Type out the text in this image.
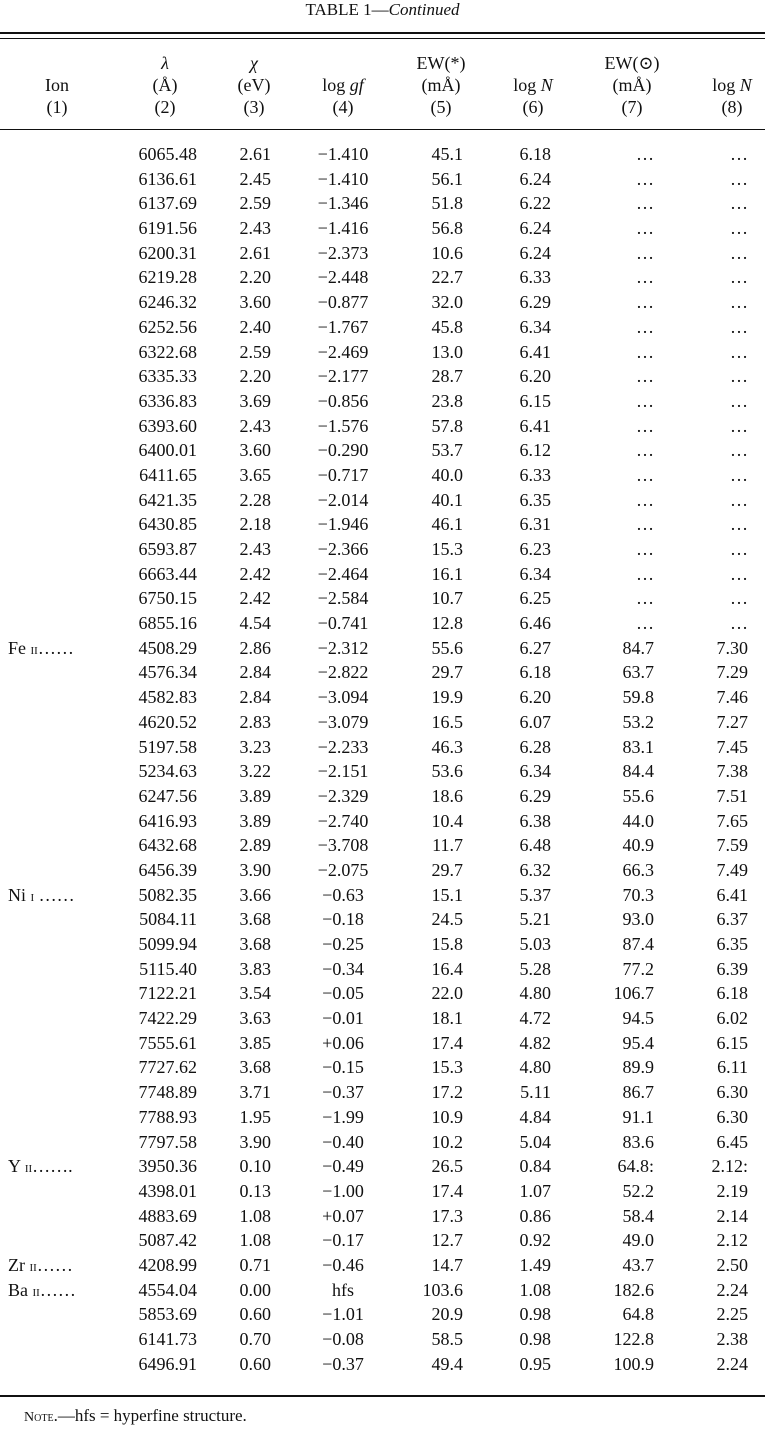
TABLE 1—Continued
Ion
(1)
λ
(Å)
(2)
χ
(eV)
(3)
log gf
(4)
EW(*)
(mÅ)
(5)
log N
(6)
EW(⊙)
(mÅ)
(7)
log N
(8)
6065.48 2.61	−1.410	45.1	6.18	…	…
6136.61 2.45	−1.410	56.1	6.24	…	…
6137.69 2.59	−1.346	51.8	6.22	…	…
6191.56 2.43	−1.416	56.8	6.24	…	…
6200.31 2.61	−2.373	10.6	6.24	…	…
6219.28 2.20	−2.448	22.7	6.33	…	…
6246.32 3.60	−0.877	32.0	6.29	…	…
6252.56 2.40	−1.767	45.8	6.34	…	…
6322.68 2.59	−2.469	13.0	6.41	…	…
6335.33 2.20	−2.177	28.7	6.20	…	…
6336.83 3.69	−0.856	23.8	6.15	…	…
6393.60 2.43	−1.576	57.8	6.41	…	…
6400.01 3.60	−0.290	53.7	6.12	…	…
6411.65 3.65	−0.717	40.0	6.33	…	…
6421.35 2.28	−2.014	40.1	6.35	…	…
6430.85 2.18	−1.946	46.1	6.31	…	…
6593.87 2.43	−2.366	15.3	6.23	…	…
6663.44 2.42	−2.464	16.1	6.34	…	…
6750.15 2.42	−2.584	10.7	6.25	…	…
6855.16 4.54	−0.741	12.8	6.46	…	…
Fe ii……	4508.29 2.86	−2.312	55.6	6.27	84.7	7.30
4576.34 2.84	−2.822	29.7	6.18	63.7	7.29
4582.83 2.84	−3.094	19.9	6.20	59.8	7.46
4620.52 2.83	−3.079	16.5	6.07	53.2	7.27
5197.58 3.23	−2.233	46.3	6.28	83.1	7.45
5234.63 3.22	−2.151	53.6	6.34	84.4	7.38
6247.56 3.89	−2.329	18.6	6.29	55.6	7.51
6416.93 3.89	−2.740	10.4	6.38	44.0	7.65
6432.68 2.89	−3.708	11.7	6.48	40.9	7.59
6456.39 3.90	−2.075	29.7	6.32	66.3	7.49
Ni i ……	5082.35 3.66	−0.63	15.1	5.37	70.3	6.41
5084.11 3.68	−0.18	24.5	5.21	93.0	6.37
5099.94 3.68	−0.25	15.8	5.03	87.4	6.35
5115.40 3.83	−0.34	16.4	5.28	77.2	6.39
7122.21 3.54	−0.05	22.0	4.80	106.7	6.18
7422.29 3.63	−0.01	18.1	4.72	94.5	6.02
7555.61 3.85	+0.06	17.4	4.82	95.4	6.15
7727.62 3.68	−0.15	15.3	4.80	89.9	6.11
7748.89 3.71	−0.37	17.2	5.11	86.7	6.30
7788.93 1.95	−1.99	10.9	4.84	91.1	6.30
7797.58 3.90	−0.40	10.2	5.04	83.6	6.45
Y ii…….	3950.36 0.10	−0.49	26.5	0.84	64.8:	2.12:
4398.01 0.13	−1.00	17.4	1.07	52.2	2.19
4883.69 1.08	+0.07	17.3	0.86	58.4	2.14
5087.42 1.08	−0.17	12.7	0.92	49.0	2.12
Zr ii……	4208.99 0.71	−0.46	14.7	1.49	43.7	2.50
Ba ii……	4554.04 0.00	hfs	103.6	1.08	182.6	2.24
5853.69 0.60	−1.01	20.9	0.98	64.8	2.25
6141.73 0.70	−0.08	58.5	0.98	122.8	2.38
6496.91 0.60	−0.37	49.4	0.95	100.9	2.24
Note.—hfs = hyperfine structure.
